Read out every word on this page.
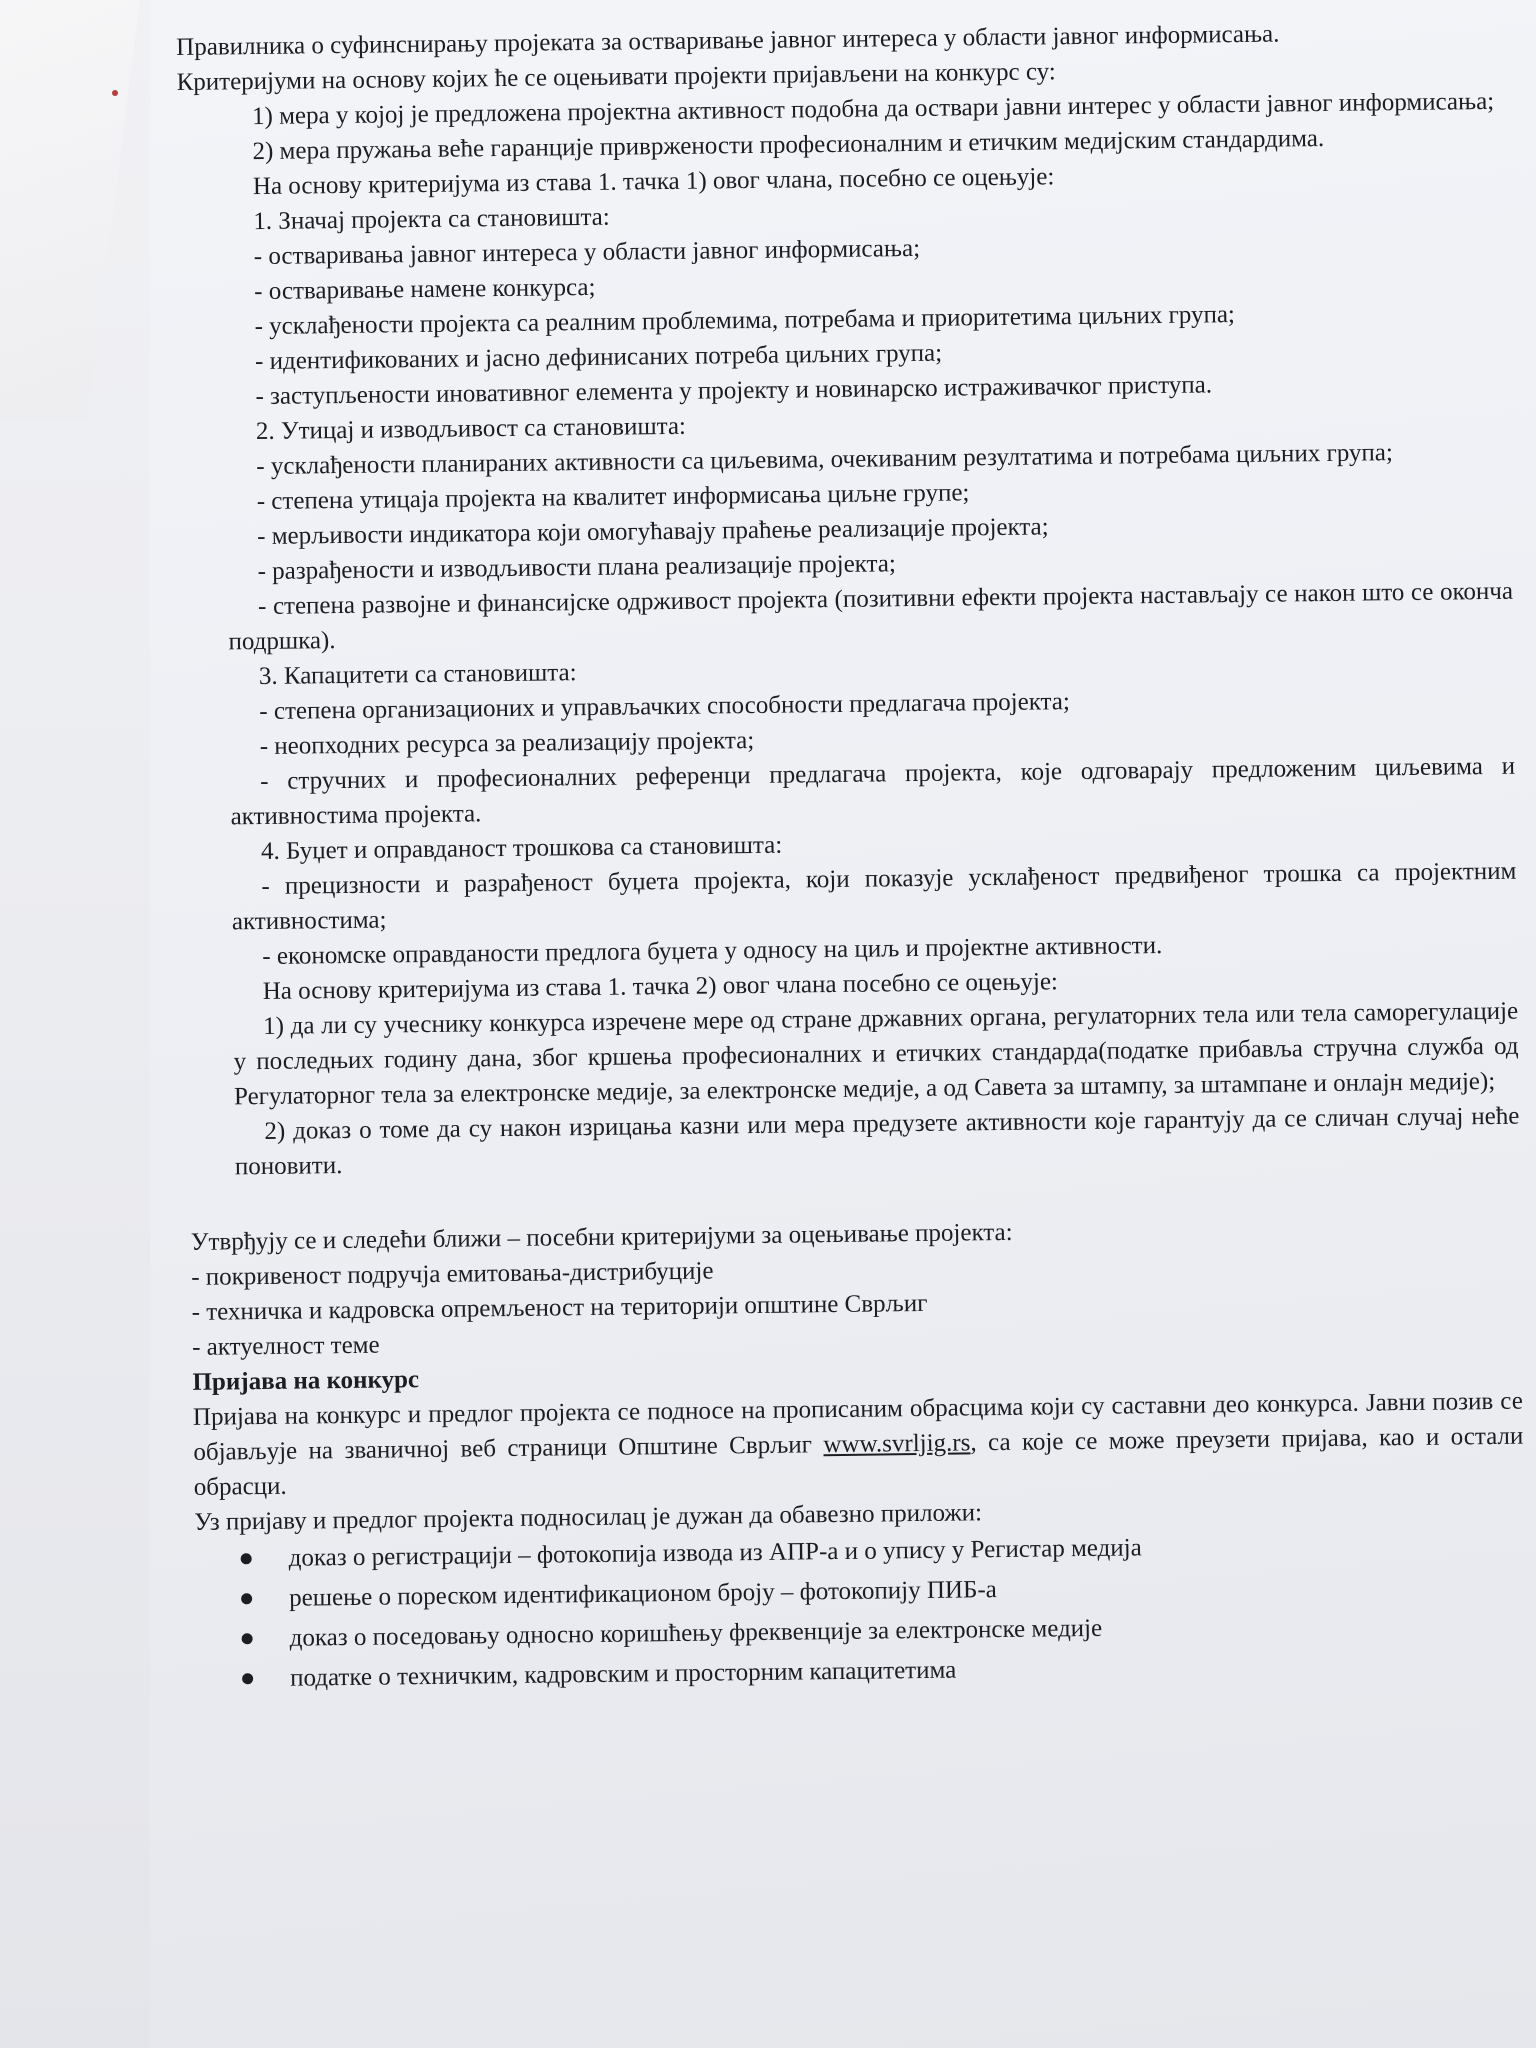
Правилника о суфинснирању пројеката за остваривање јавног интереса у области јавног информисања.

Критеријуми на основу којих ће се оцењивати пројекти пријављени на конкурс су:

1) мера у којој је предложена пројектна активност подобна да оствари јавни интерес у области јавног информисања;

2) мера пружања веће гаранције привржености професионалним и етичким медијским стандардима.

На основу критеријума из става 1. тачка 1) овог члана, посебно се оцењује:

1. Значај пројекта са становишта:

- остваривања јавног интереса у области јавног информисања;

- остваривање намене конкурса;

- усклађености пројекта са реалним проблемима, потребама и приоритетима циљних група;

- идентификованих и јасно дефинисаних потреба циљних група;

- заступљености иновативног елемента у пројекту и новинарско истраживачког приступа.

2. Утицај и изводљивост са становишта:

- усклађености планираних активности са циљевима, очекиваним резултатима и потребама циљних група;

- степена утицаја пројекта на квалитет информисања циљне групе;

- мерљивости индикатора који омогућавају праћење реализације пројекта;

- разрађености и изводљивости плана реализације пројекта;

- степена развојне и финансијске одрживост пројекта (позитивни ефекти пројекта настављају се након што се оконча подршка).

3. Капацитети са становишта:

- степена организационих и управљачких способности предлагача пројекта;

- неопходних ресурса за реализацију пројекта;

- стручних и професионалних референци предлагача пројекта, које одговарају предложеним циљевима и активностима пројекта.

4. Буџет и оправданост трошкова са становишта:

- прецизности и разрађеност буџета пројекта, који показује усклађеност предвиђеног трошка са пројектним активностима;

- економске оправданости предлога буџета у односу на циљ и пројектне активности.

На основу критеријума из става 1. тачка 2) овог члана посебно се оцењује:

1) да ли су учеснику конкурса изречене мере од стране државних органа, регулаторних тела или тела саморегулације у последњих годину дана, због кршења професионалних и етичких стандарда(податке прибавља стручна служба од Регулаторног тела за електронске медије, за електронске медије, а од Савета за штампу, за штампане и онлајн медије);

2) доказ о томе да су након изрицања казни или мера предузете активности које гарантују да се сличан случај неће поновити.

Утврђују се и следећи ближи – посебни критеријуми за оцењивање пројекта:

- покривеност подручја емитовања-дистрибуције

- техничка и кадровска опремљеност на територији општине Сврљиг

- актуелност теме

Пријава на конкурс

Пријава на конкурс и предлог пројекта се подносе на прописаним обрасцима који су саставни део конкурса. Јавни позив се објављује на званичној веб страници Општине Сврљиг www.svrljig.rs, са које се може преузети пријава, као и остали обрасци.

Уз пријаву и предлог пројекта подносилац је дужан да обавезно приложи:

доказ о регистрацији – фотокопија извода из АПР-а и о упису у Регистар медија
решење о пореском идентификационом броју – фотокопију ПИБ-а
доказ о поседовању односно коришћењу фреквенције за електронске медије
податке о техничким, кадровским и просторним капацитетима
